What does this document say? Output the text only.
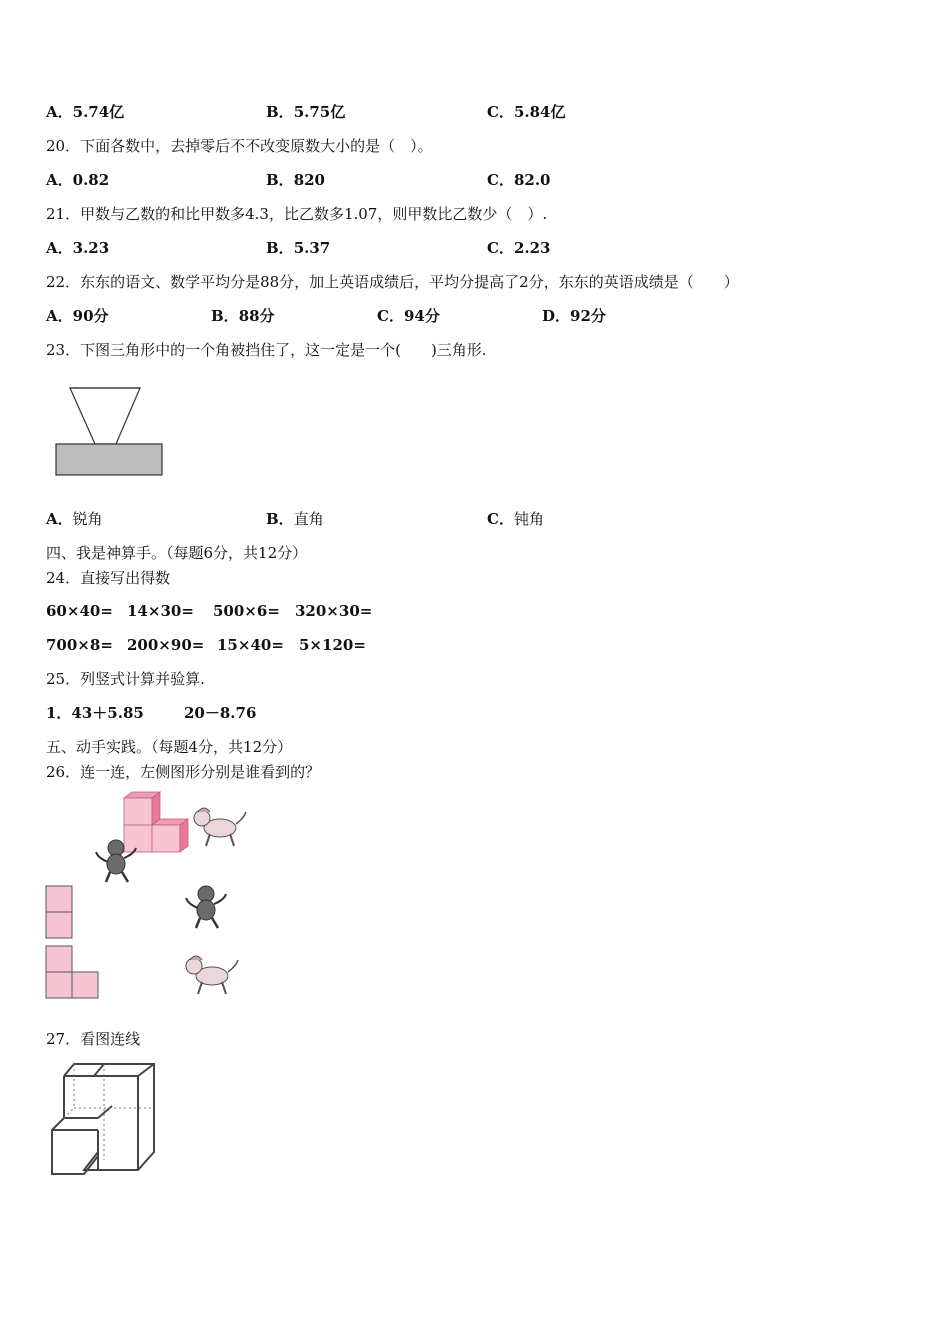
A．5.74亿	B．5.75亿	C．5.84亿
20．下面各数中，去掉零后不不改变原数大小的是（　）。
A．0.82	B．820	C．82.0
21．甲数与乙数的和比甲数多4.3，比乙数多1.07，则甲数比乙数少（　）.
A．3.23	B．5.37	C．2.23
22．东东的语文、数学平均分是88分，加上英语成绩后，平均分提高了2分，东东的英语成绩是（　　）
A．90分	B．88分	C．94分	D．92分
23．下图三角形中的一个角被挡住了，这一定是一个(　　)三角形.
A．锐角	B．直角	C．钝角
四、我是神算手。（每题6分，共12分）
24．直接写出得数
60×40= 14×30= 500×6= 320×30=
700×8= 200×90= 15×40= 5×120=
25．列竖式计算并验算.
1．43＋5.85	20－8.76
五、动手实践。（每题4分，共12分）
26．连一连，左侧图形分别是谁看到的？
27．看图连线
